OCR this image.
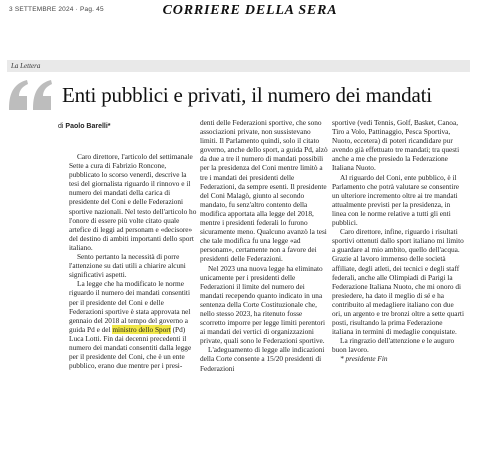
3 SETTEMBRE 2024 · Pag. 45	CORRIERE DELLA SERA
La Lettera
Enti pubblici e privati, il numero dei mandati
di Paolo Barelli*

Caro direttore, l'articolo del settimanale Sette a cura di Fabrizio Roncone, pubblicato lo scorso venerdì, descrive la tesi del giornalista riguardo il rinnovo e il numero dei mandati della carica di presidente del Coni e delle Federazioni sportive nazionali. Nel testo dell'articolo ho l'onore di essere più volte citato quale artefice di leggi ad personam e «decisore» del destino di ambiti importanti dello sport italiano.

Sento pertanto la necessità di porre l'attenzione su dati utili a chiarire alcuni significativi aspetti.

La legge che ha modificato le norme riguardo il numero dei mandati consentiti per il presidente del Coni e delle Federazioni sportive è stata approvata nel gennaio del 2018 al tempo del governo a guida Pd e del ministro dello Sport (Pd) Luca Lotti. Fin dai decenni precedenti il numero dei mandati consentiti dalla legge per il presidente del Coni, che è un ente pubblico, erano due mentre per i presi-

denti delle Federazioni sportive, che sono associazioni private, non sussistevano limiti. Il Parlamento quindi, solo il citato governo, anche dello sport, a guida Pd, alzò da due a tre il numero di mandati possibili per la presidenza del Coni mentre limitò a tre i mandati dei presidenti delle Federazioni, da sempre esenti. Il presidente del Coni Malagò, giunto al secondo mandato, fu senz'altro contento della modifica apportata alla legge del 2018, mentre i presidenti federali lo furono sicuramente meno. Qualcuno avanzò la tesi che tale modifica fu una legge «ad personam», certamente non a favore dei presidenti delle Federazioni.

Nel 2023 una nuova legge ha eliminato unicamente per i presidenti delle Federazioni il limite del numero dei mandati recependo quanto indicato in una sentenza della Corte Costituzionale che, nello stesso 2023, ha ritenuto fosse scorretto imporre per legge limiti perentori ai mandati dei vertici di organizzazioni private, quali sono le Federazioni sportive.

L'adeguamento di legge alle indicazioni della Corte consente a 15/20 presidenti di Federazioni

sportive (vedi Tennis, Golf, Basket, Canoa, Tiro a Volo, Pattinaggio, Pesca Sportiva, Nuoto, eccetera) di poteri ricandidare pur avendo già effettuato tre mandati; tra questi anche a me che presiedo la Federazione Italiana Nuoto.

Al riguardo del Coni, ente pubblico, è il Parlamento che potrà valutare se consentire un ulteriore incremento oltre ai tre mandati attualmente previsti per la presidenza, in linea con le norme relative a tutti gli enti pubblici.

Caro direttore, infine, riguardo i risultati sportivi ottenuti dallo sport italiano mi limito a guardare al mio ambito, quello dell'acqua. Grazie al lavoro immenso delle società affiliate, degli atleti, dei tecnici e degli staff federali, anche alle Olimpiadi di Parigi la Federazione Italiana Nuoto, che mi onoro di presiedere, ha dato il meglio di sé e ha contribuito al medagliere italiano con due ori, un argento e tre bronzi oltre a sette quarti posti, risultando la prima Federazione italiana in termini di medaglie conquistate.

La ringrazio dell'attenzione e le auguro buon lavoro.

* presidente Fin
